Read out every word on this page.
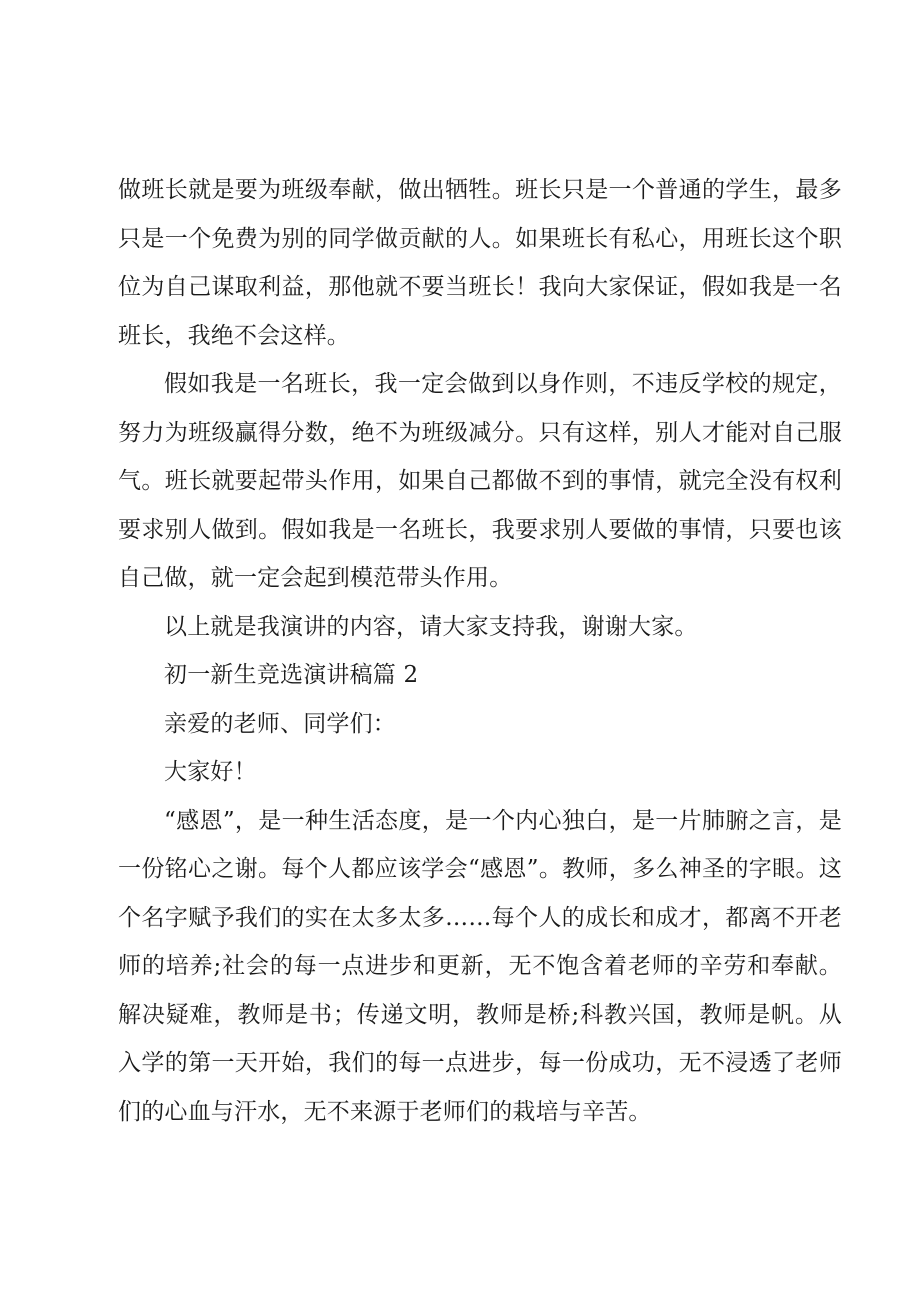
做班长就是要为班级奉献，做出牺牲。班长只是一个普通的学生，最多只是一个免费为别的同学做贡献的人。如果班长有私心，用班长这个职位为自己谋取利益，那他就不要当班长！我向大家保证，假如我是一名班长，我绝不会这样。

假如我是一名班长，我一定会做到以身作则，不违反学校的规定，努力为班级赢得分数，绝不为班级减分。只有这样，别人才能对自己服气。班长就要起带头作用，如果自己都做不到的事情，就完全没有权利要求别人做到。假如我是一名班长，我要求别人要做的事情，只要也该自己做，就一定会起到模范带头作用。

以上就是我演讲的内容，请大家支持我，谢谢大家。

初一新生竞选演讲稿篇 2

亲爱的老师、同学们：

大家好！

“感恩”，是一种生活态度，是一个内心独白，是一片肺腑之言，是一份铭心之谢。每个人都应该学会“感恩”。教师，多么神圣的字眼。这个名字赋予我们的实在太多太多……每个人的成长和成才，都离不开老师的培养;社会的每一点进步和更新，无不饱含着老师的辛劳和奉献。解决疑难，教师是书；传递文明，教师是桥;科教兴国，教师是帆。从入学的第一天开始，我们的每一点进步，每一份成功，无不浸透了老师们的心血与汗水，无不来源于老师们的栽培与辛苦。
